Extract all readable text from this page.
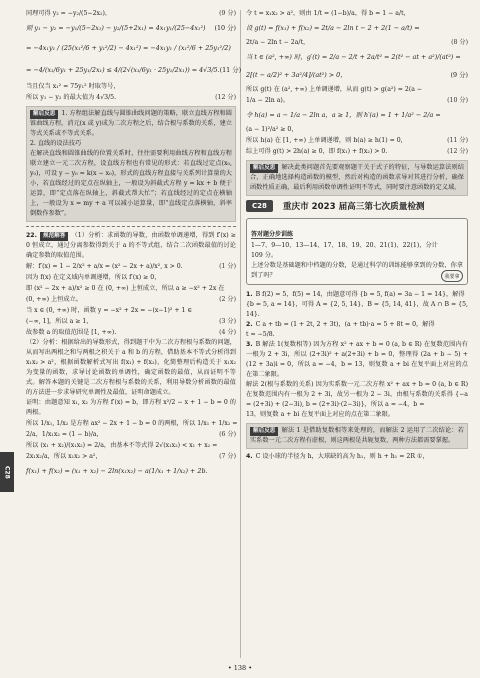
C28
同理可得 y₂ = −y₂/(5−2x₂)，	(9 分)
则 y₁ − y₂ = −y₁/(5−2x₁) − y₂/(5+2x₁) = 4x₁y₁/(25−4x₁²) (10 分)
= −4x₁y₁ / (25(x₁²/6 + y₁²/2) − 4x₁²) = −4x₁y₁ / (x₁²/6 + 25y₁²/2)
= −4/(x₁/6y₁ + 25y₁/2x₁) ≤ 4/(2√(x₁/6y₁ · 25y₁/2x₁)) = 4√3/5. (11 分)
当且仅当 x₁² = 75y₁² 时取等号，
所以 y₁ − y₂ 的最大值为 4√3/5.	(12 分)
解后反思 1. 方程组法解直线与圆锥曲线问题的策略，联立直线方程和圆锥曲线方程，消元(x 或 y)成为二次方程之后，结合根与系数的关系，建立等式关系或不等式关系。
2. 直线的设法技巧
在解决直线和圆锥曲线的位置关系时，往往需要利用曲线方程和直线方程联立建立一元二次方程，设直线方程也有常见的形式：若直线过定点(x₀, y₀)，可设 y − y₀ = k(x − x₀)，形式的直线方程直接与关系列计算量的大小，若直线经过的定点在纵轴上，一般设为斜截式方程 y = kx + b 便于运算，即“定点落在纵轴上，斜截式帮大忙”；若直线经过的定点在横轴上，一般设为 x = my + a 可以减小运算量，即“直线定点落横轴，斜率倒数作参数”。
22. 规范解答 （1）分析：求函数的导数，由函数单调递增，得到 f′(x) ≥ 0 恒成立，通过分离参数得到关于 a 的不等式组，结合二次函数最值的讨论确定参数的取值范围。
解：f′(x) = 1 − 2/x² + a/x = (x² − 2x + a)/x², x > 0.	(1 分)
因为 f(x) 在定义域内单调递增，所以 f′(x) ≥ 0，
即 (x² − 2x + a)/x² ≥ 0 在 (0, +∞) 上恒成立，所以 a ≥ −x² + 2x 在
(0, +∞) 上恒成立。	(2 分)
当 x ∈ (0, +∞) 时，函数 y = −x² + 2x = −(x−1)² + 1 ∈
(−∞, 1]，所以 a ≥ 1，	(3 分)
故参数 a 的取值范围是 [1, +∞).	(4 分)
（2）分析：根据给出的导数形式，得到题干中为二次方程根与系数的问题，从而写出两根之和与两根之积关于 a 和 b 的方程，借助基本不等式分析得到 x₁x₂ > a²，根据函数解析式写出 f(x₁) + f(x₂)，化简整理后构造关于 x₁x₂ 为变量的函数，求导讨论函数的单调性，确定函数的最值，从而证明不等式。解答本题的关键是二次方程根与系数的关系，利用导数分析函数的最值的方法进一步求导研究单调性及最值，证明命题成立。
证明：由题意知 x₁, x₂ 为方程 f′(x) = b，即方程 x²/2 − x + 1 − b = 0 的两根。
所以 1/x₁, 1/x₂ 是方程 ax² − 2x + 1 − b = 0 的两根，所以 1/x₁ + 1/x₂ =
2/a，1/x₁x₂ = (1 − b)/a，	(6 分)
所以 (x₁ + x₂)/(x₁x₂) = 2/a，由基本不等式得 2√(x₁x₂) < x₁ + x₂ =
2x₁x₂/a，所以 x₁x₂ > a²，	(7 分)
f(x₁) + f(x₂) = (x₁ + x₂) − 2ln(x₁x₂) − a(1/x₁ + 1/x₂) + 2b.
令 t = x₁x₂ > a²，则由 1/t = (1−b)/a，得 b = 1 − a/t，
设 g(t) = f(x₁) + f(x₂) = 2t/a − 2ln t − 2 + 2(1 − a/t) =
2t/a − 2ln t − 2a/t，	(8 分)
当 t ∈ (a², +∞) 时，g′(t) = 2/a − 2/t + 2a/t² = 2(t² − at + a²)/(at²) =
2[(t − a/2)² + 3a²/4]/(at²) > 0，	(9 分)
所以 g(t) 在 (a², +∞) 上单调递增，从而 g(t) > g(a²) = 2(a −
1/a − 2ln a)。	(10 分)
令 h(a) = a − 1/a − 2ln a，a ≥ 1，则 h′(a) = 1 + 1/a² − 2/a =
(a − 1)²/a² ≥ 0，
所以 h(a) 在 [1, +∞) 上单调递增，则 h(a) ≥ h(1) = 0，	(11 分)
综上可得 g(t) > 2h(a) ≥ 0，即 f(x₁) + f(x₂) > 0.	(12 分)
解后反思 解决此类问题首先要观察题干关于式子的特征，与导数运算法则结合，正确地选择构造函数的模型，然后对构造的函数求导对其进行分析，确保函数性质正确，最后利用函数单调性证明不等式，同时要注意函数的定义域。
C28	重庆市 2023 届高三第七次质量检测
答对题分步训练
1—7、9—10、13—14、17、18、19、20、21(1)、22(1)，分计
109 分。
上述分数是基础题和中档题的分数，是通过科学的训练能够拿到的分数，你拿到了吗？	我要拿
1. B f(2) = 5，f(5) = 14，由题意可得 {b = 5, f(a) = 3a − 1 = 14}，解得
{b = 5, a = 14}，可得 A = {2, 5, 14}，B = {5, 14, 41}，故 A ∩ B = {5, 14}.
2. C a + tb = (1 + 2t, 2 + 3t)，(a + tb)·a = 5 + 8t = 0，解得
t = −5/8.
3. B 解法 1(复数相等) 因为方程 x² + ax + b = 0 (a, b ∈ R) 在复数范围内有一根为 2 + 3i，所以 (2+3i)² + a(2+3i) + b = 0，整理得 (2a + b − 5) + (12 + 3a)i = 0，所以 a = −4，b = 13，则复数 a + bi 在复平面上对应的点在第二象限。
解法 2(根与系数的关系) 因为实系数一元二次方程 x² + ax + b = 0 (a, b ∈ R) 在复数范围内有一根为 2 + 3i，故另一根为 2 − 3i，由根与系数的关系得 {−a = (2+3i) + (2−3i), b = (2+3i)·(2−3i)}，所以 a = −4，b =
13，则复数 a + bi 在复平面上对应的点在第二象限。
解后反思 解法 1 是借助复数相等来处理的，而解法 2 运用了二次结论：若实系数一元二次方程有虚根，则这两根是共轭复数，两种方法都需要掌握。
4. C 设小球的半径为 h，大球缺的高为 h₁，则 h + h₁ = 2R ①，
• 138 •
